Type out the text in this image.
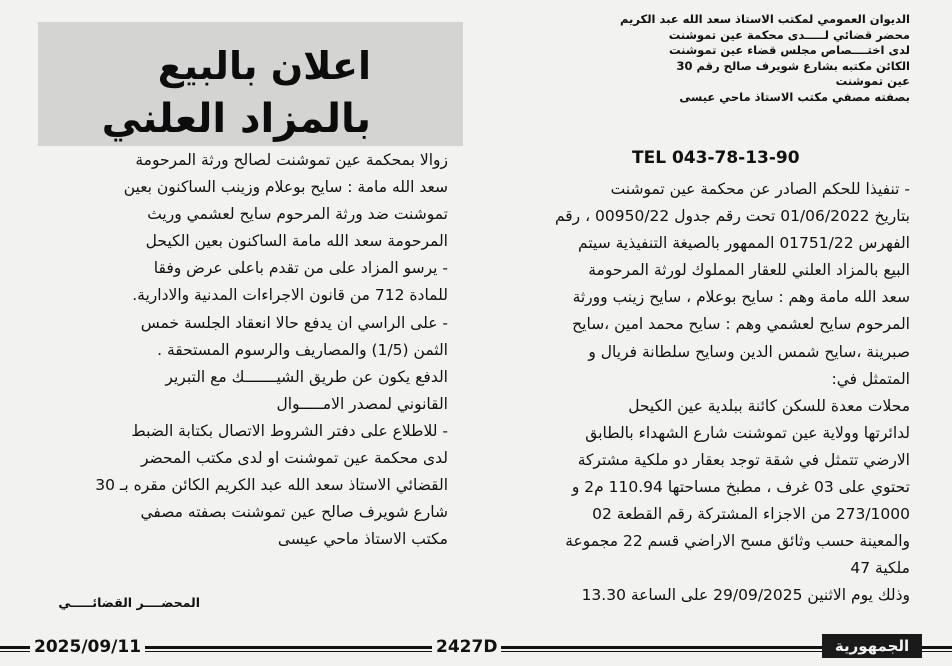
الديوان العمومي لمكتب الاستاذ سعد الله عبد الكريم
محضر قضائي لـــــدى محكمة عين تموشنت
لدى اختــــصاص مجلس قضاء عين تموشنت
الكائن مكتبه بشارع شويرف صالح رقم 30
عين تموشنت
بصفته مصفي مكتب الاستاذ ماحي عيسى
اعلان بالبيع
بالمزاد العلني
TEL 043-78-13-90
- تنفيذا للحكم الصادر عن محكمة عين تموشنت
بتاريخ 01/06/2022 تحت رقم جدول 00950/22 ، رقم
الفهرس 01751/22 الممهور بالصيغة التنفيذية سيتم
البيع بالمزاد العلني للعقار المملوك لورثة المرحومة
سعد الله مامة وهم : سايح بوعلام ، سايح زينب وورثة
المرحوم سايح لعشمي وهم : سايح محمد امين ،سايح
صبرينة ،سايح شمس الدين وسايح سلطانة فريال و
المتمثل في:
محلات معدة للسكن كائنة ببلدية عين الكيحل
لدائرتها وولاية عين تموشنت شارع الشهداء بالطابق
الارضي تتمثل في شقة توجد بعقار دو ملكية مشتركة
تحتوي على 03 غرف ، مطبخ مساحتها 110.94 م2 و
273/1000 من الاجزاء المشتركة رقم القطعة 02
والمعينة حسب وثائق مسح الاراضي قسم 22 مجموعة
ملكية 47
وذلك يوم الاثنين 29/09/2025 على الساعة 13.30
زوالا بمحكمة عين تموشنت لصالح ورثة المرحومة
سعد الله مامة : سايح بوعلام وزينب الساكنون بعين
تموشنت ضد ورثة المرحوم سايح لعشمي وريث
المرحومة سعد الله مامة الساكنون بعين الكيحل
- يرسو المزاد على من تقدم باعلى عرض وفقا
للمادة 712 من قانون الاجراءات المدنية والادارية.
- على الراسي ان يدفع حالا انعقاد الجلسة خمس
الثمن (1/5) والمصاريف والرسوم المستحقة .
الدفع يكون عن طريق الشيـــــــك مع التبرير
القانوني لمصدر الامـــــوال
- للاطلاع على دفتر الشروط الاتصال بكتابة الضبط
لدى محكمة عين تموشنت او لدى مكتب المحضر
القضائي الاستاذ سعد الله عبد الكريم الكائن مقره بـ 30
شارع شويرف صالح عين تموشنت بصفته مصفي
مكتب الاستاذ ماحي عيسى
المحضــــر القضائـــــي
2025/09/11	2427D	الجمهورية
